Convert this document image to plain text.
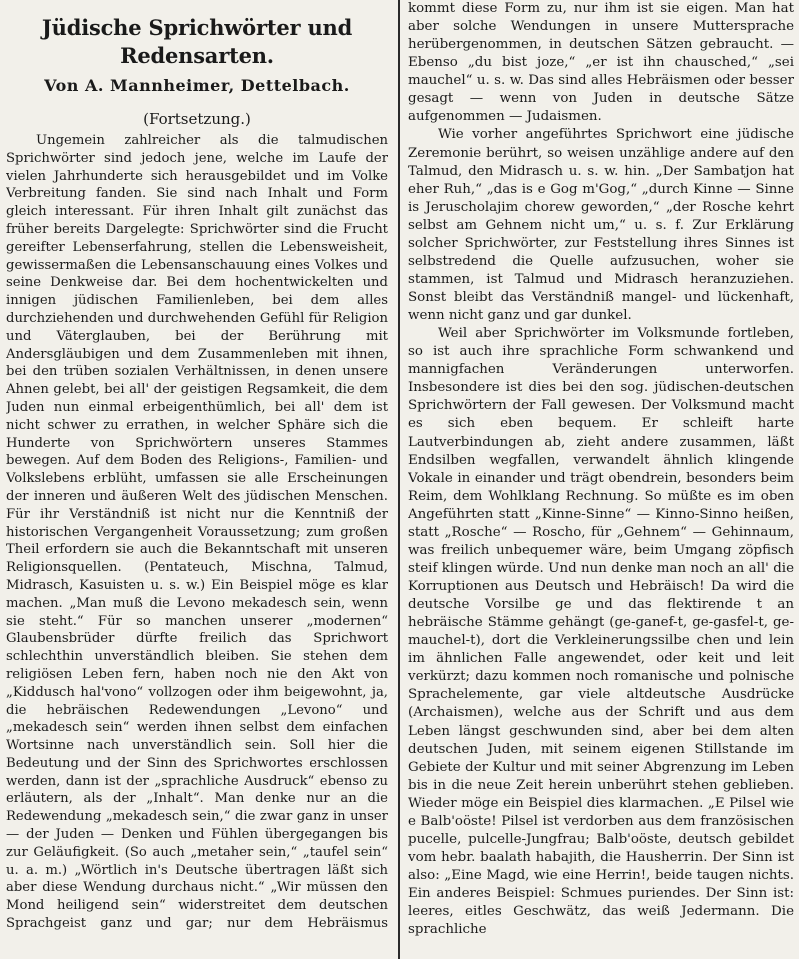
Jüdische Sprichwörter und Redensarten.
Von A. Mannheimer, Dettelbach.
(Fortsetzung.)

Ungemein zahlreicher als die talmudischen Sprichwörter sind jedoch jene, welche im Laufe der vielen Jahrhunderte sich herausgebildet und im Volke Verbreitung fanden. Sie sind nach Inhalt und Form gleich interessant. Für ihren Inhalt gilt zunächst das früher bereits Dargelegte: Sprichwörter sind die Frucht gereifter Lebenserfahrung, stellen die Lebensweisheit, gewissermaßen die Lebensanschauung eines Volkes und seine Denkweise dar. Bei dem hochentwickelten und innigen jüdischen Familienleben, bei dem alles durchziehenden und durchwehenden Gefühl für Religion und Väterglauben, bei der Berührung mit Andersgläubigen und dem Zusammenleben mit ihnen, bei den trüben sozialen Verhältnissen, in denen unsere Ahnen gelebt, bei all' der geistigen Regsamkeit, die dem Juden nun einmal erbeigenthümlich, bei all' dem ist nicht schwer zu errathen, in welcher Sphäre sich die Hunderte von Sprichwörtern unseres Stammes bewegen. Auf dem Boden des Religions-, Familien- und Volkslebens erblüht, umfassen sie alle Erscheinungen der inneren und äußeren Welt des jüdischen Menschen. Für ihr Verständniß ist nicht nur die Kenntniß der historischen Vergangenheit Voraussetzung; zum großen Theil erfordern sie auch die Bekanntschaft mit unseren Religionsquellen. (Pentateuch, Mischna, Talmud, Midrasch, Kasuisten u. s. w.) Ein Beispiel möge es klar machen. „Man muß die Levono mekadesch sein, wenn sie steht.“ Für so manchen unserer „modernen“ Glaubensbrüder dürfte freilich das Sprichwort schlechthin unverständlich bleiben. Sie stehen dem religiösen Leben fern, haben noch nie den Akt von „Kiddusch hal'vono“ vollzogen oder ihm beigewohnt, ja, die hebräischen Redewendungen „Levono“ und „mekadesch sein“ werden ihnen selbst dem einfachen Wortsinne nach unverständlich sein. Soll hier die Bedeutung und der Sinn des Sprichwortes erschlossen werden, dann ist der „sprachliche Ausdruck“ ebenso zu erläutern, als der „Inhalt“. Man denke nur an die Redewendung „mekadesch sein,“ die zwar ganz in unser — der Juden — Denken und Fühlen übergegangen bis zur Geläufigkeit. (So auch „metaher sein,“ „taufel sein“ u. a. m.) „Wörtlich in's Deutsche übertragen läßt sich aber diese Wendung durchaus nicht.“ „Wir müssen den Mond heiligend sein“ widerstreitet dem deutschen Sprachgeist ganz und gar; nur dem Hebräismus

kommt diese Form zu, nur ihm ist sie eigen. Man hat aber solche Wendungen in unsere Muttersprache herübergenommen, in deutschen Sätzen gebraucht. — Ebenso „du bist joze,“ „er ist ihn chausched,“ „sei mauchel“ u. s. w. Das sind alles Hebräismen oder besser gesagt — wenn von Juden in deutsche Sätze aufgenommen — Judaismen.

Wie vorher angeführtes Sprichwort eine jüdische Zeremonie berührt, so weisen unzählige andere auf den Talmud, den Midrasch u. s. w. hin. „Der Sambatjon hat eher Ruh,“ „das is e Gog m'Gog,“ „durch Kinne — Sinne is Jeruscholajim chorew geworden,“ „der Rosche kehrt selbst am Gehnem nicht um,“ u. s. f. Zur Erklärung solcher Sprichwörter, zur Feststellung ihres Sinnes ist selbstredend die Quelle aufzusuchen, woher sie stammen, ist Talmud und Midrasch heranzuziehen. Sonst bleibt das Verständniß mangel- und lückenhaft, wenn nicht ganz und gar dunkel.

Weil aber Sprichwörter im Volksmunde fortleben, so ist auch ihre sprachliche Form schwankend und mannigfachen Veränderungen unterworfen. Insbesondere ist dies bei den sog. jüdischen-deutschen Sprichwörtern der Fall gewesen. Der Volksmund macht es sich eben bequem. Er schleift harte Lautverbindungen ab, zieht andere zusammen, läßt Endsilben wegfallen, verwandelt ähnlich klingende Vokale in einander und trägt obendrein, besonders beim Reim, dem Wohlklang Rechnung. So müßte es im oben Angeführten statt „Kinne-Sinne“ — Kinno-Sinno heißen, statt „Rosche“ — Roscho, für „Gehnem“ — Gehinnaum, was freilich unbequemer wäre, beim Umgang zöpfisch steif klingen würde. Und nun denke man noch an all' die Korruptionen aus Deutsch und Hebräisch! Da wird die deutsche Vorsilbe ge und das flektirende t an hebräische Stämme gehängt (ge-ganef-t, ge-gasfel-t, ge-mauchel-t), dort die Verkleinerungssilbe chen und lein im ähnlichen Falle angewendet, oder keit und leit verkürzt; dazu kommen noch romanische und polnische Sprachelemente, gar viele altdeutsche Ausdrücke (Archaismen), welche aus der Schrift und aus dem Leben längst geschwunden sind, aber bei dem alten deutschen Juden, mit seinem eigenen Stillstande im Gebiete der Kultur und mit seiner Abgrenzung im Leben bis in die neue Zeit herein unberührt stehen geblieben. Wieder möge ein Beispiel dies klarmachen. „E Pilsel wie e Balb'oöste! Pilsel ist verdorben aus dem französischen pucelle, pulcelle-Jungfrau; Balb'oöste, deutsch gebildet vom hebr. baalath habajith, die Hausherrin. Der Sinn ist also: „Eine Magd, wie eine Herrin!, beide taugen nichts. Ein anderes Beispiel: Schmues puriendes. Der Sinn ist: leeres, eitles Geschwätz, das weiß Jedermann. Die sprachliche
